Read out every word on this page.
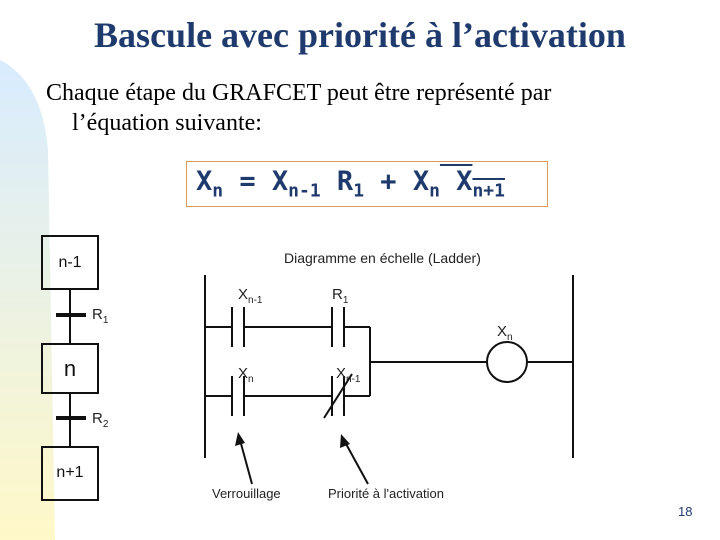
Bascule avec priorité à l’activation
Chaque étape du GRAFCET peut être représenté par
l’équation suivante:
$X_n = X_{n-1}$ $R_1 + X_n$ $X_{n+1}$
n-1
$R_1$
n
$R_2$
n+1
Diagramme en échelle (Ladder)
$X_{n-1}$	$R_1$
$X_n$
$X_n$	$X_{n-1}$
Verrouillage	Priorité à l'activation
18
